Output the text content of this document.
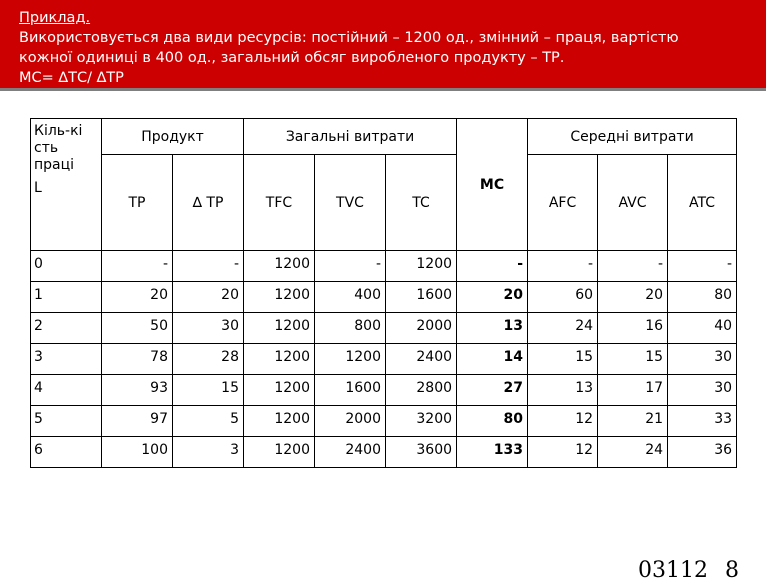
Приклад.
Використовується два види ресурсів: постійний – 1200 од., змінний – праця, вартістю
кожної одиниці в 400 од., загальний обсяг виробленого продукту – ТР.
МС= ∆ТС/ ∆ТР
Кіль-кі сть праці
L	Продукт		Загальні витрати			МС	Середні витрати		
	TP	∆ ТР	TFC	TVC	TC		AFC	AVC	ATC
0	-	-	1200	-	1200	-	-	-	-
1	20	20	1200	400	1600	20	60	20	80
2	50	30	1200	800	2000	13	24	16	40
3	78	28	1200	1200	2400	14	15	15	30
4	93	15	1200	1600	2800	27	13	17	30
5	97	5	1200	2000	3200	80	12	21	33
6	100	3	1200	2400	3600	133	12	24	36
03112 8
